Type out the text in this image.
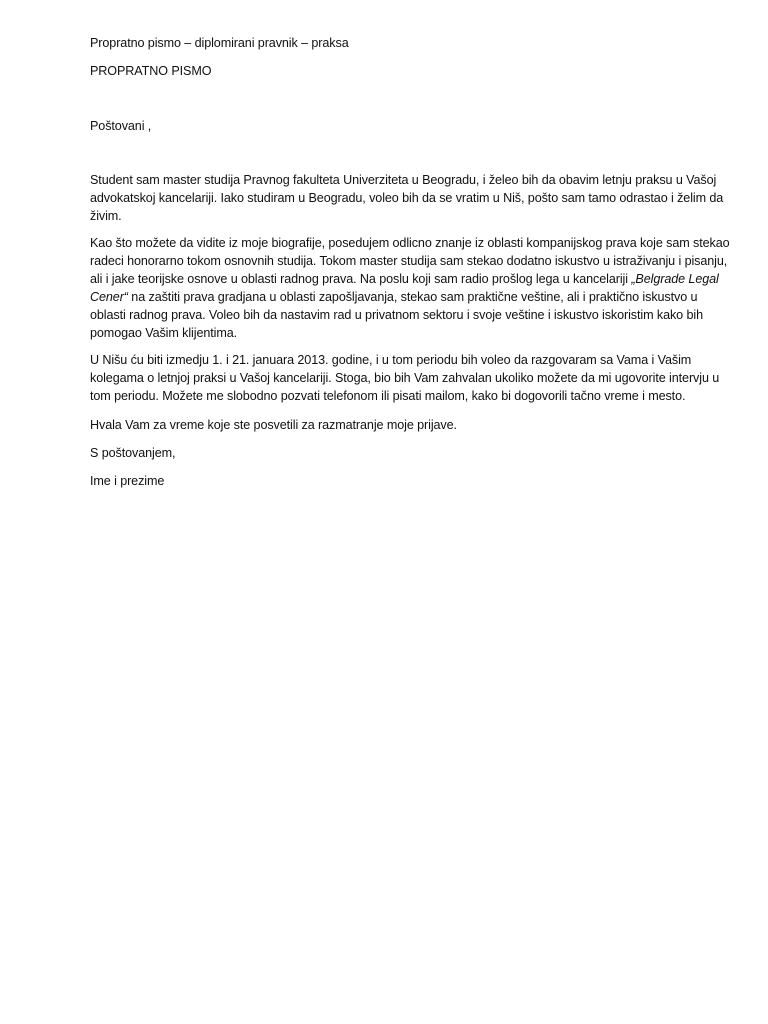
Propratno pismo – diplomirani pravnik – praksa

PROPRATNO PISMO

Poštovani ,

Student sam master studija Pravnog fakulteta Univerziteta u Beogradu, i želeo bih da obavim letnju praksu u Vašoj advokatskoj kancelariji. Iako studiram u Beogradu, voleo bih da se vratim u Niš, pošto sam tamo odrastao i želim da živim.

Kao što možete da vidite iz moje biografije, posedujem odlicno znanje iz oblasti kompanijskog prava koje sam stekao radeci honorarno tokom osnovnih studija. Tokom master studija sam stekao dodatno iskustvo u istraživanju i pisanju, ali i jake teorijske osnove u oblasti radnog prava. Na poslu koji sam radio prošlog lega u kancelariji „Belgrade Legal Cener“ na zaštiti prava gradjana u oblasti zapošljavanja, stekao sam praktične veštine, ali i praktično iskustvo u oblasti radnog prava. Voleo bih da nastavim rad u privatnom sektoru i svoje veštine i iskustvo iskoristim kako bih pomogao Vašim klijentima.

U Nišu ću biti izmedju 1. i 21. januara 2013. godine, i u tom periodu bih voleo da razgovaram sa Vama i Vašim kolegama o letnjoj praksi u Vašoj kancelariji. Stoga, bio bih Vam zahvalan ukoliko možete da mi ugovorite intervju u tom periodu. Možete me slobodno pozvati telefonom ili pisati mailom, kako bi dogovorili tačno vreme i mesto.

Hvala Vam za vreme koje ste posvetili za razmatranje moje prijave.

S poštovanjem,

Ime i prezime
